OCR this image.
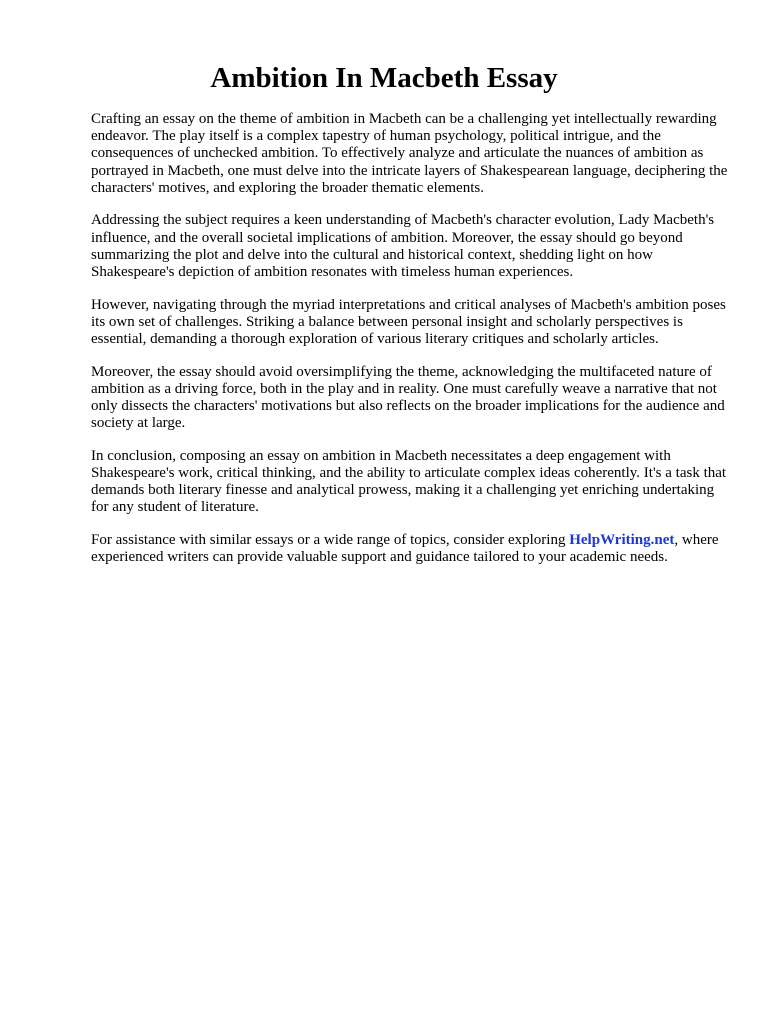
Ambition In Macbeth Essay

Crafting an essay on the theme of ambition in Macbeth can be a challenging yet intellectually rewarding endeavor. The play itself is a complex tapestry of human psychology, political intrigue, and the consequences of unchecked ambition. To effectively analyze and articulate the nuances of ambition as portrayed in Macbeth, one must delve into the intricate layers of Shakespearean language, deciphering the characters' motives, and exploring the broader thematic elements.

Addressing the subject requires a keen understanding of Macbeth's character evolution, Lady Macbeth's influence, and the overall societal implications of ambition. Moreover, the essay should go beyond summarizing the plot and delve into the cultural and historical context, shedding light on how Shakespeare's depiction of ambition resonates with timeless human experiences.

However, navigating through the myriad interpretations and critical analyses of Macbeth's ambition poses its own set of challenges. Striking a balance between personal insight and scholarly perspectives is essential, demanding a thorough exploration of various literary critiques and scholarly articles.

Moreover, the essay should avoid oversimplifying the theme, acknowledging the multifaceted nature of ambition as a driving force, both in the play and in reality. One must carefully weave a narrative that not only dissects the characters' motivations but also reflects on the broader implications for the audience and society at large.

In conclusion, composing an essay on ambition in Macbeth necessitates a deep engagement with Shakespeare's work, critical thinking, and the ability to articulate complex ideas coherently. It's a task that demands both literary finesse and analytical prowess, making it a challenging yet enriching undertaking for any student of literature.

For assistance with similar essays or a wide range of topics, consider exploring HelpWriting.net, where experienced writers can provide valuable support and guidance tailored to your academic needs.
